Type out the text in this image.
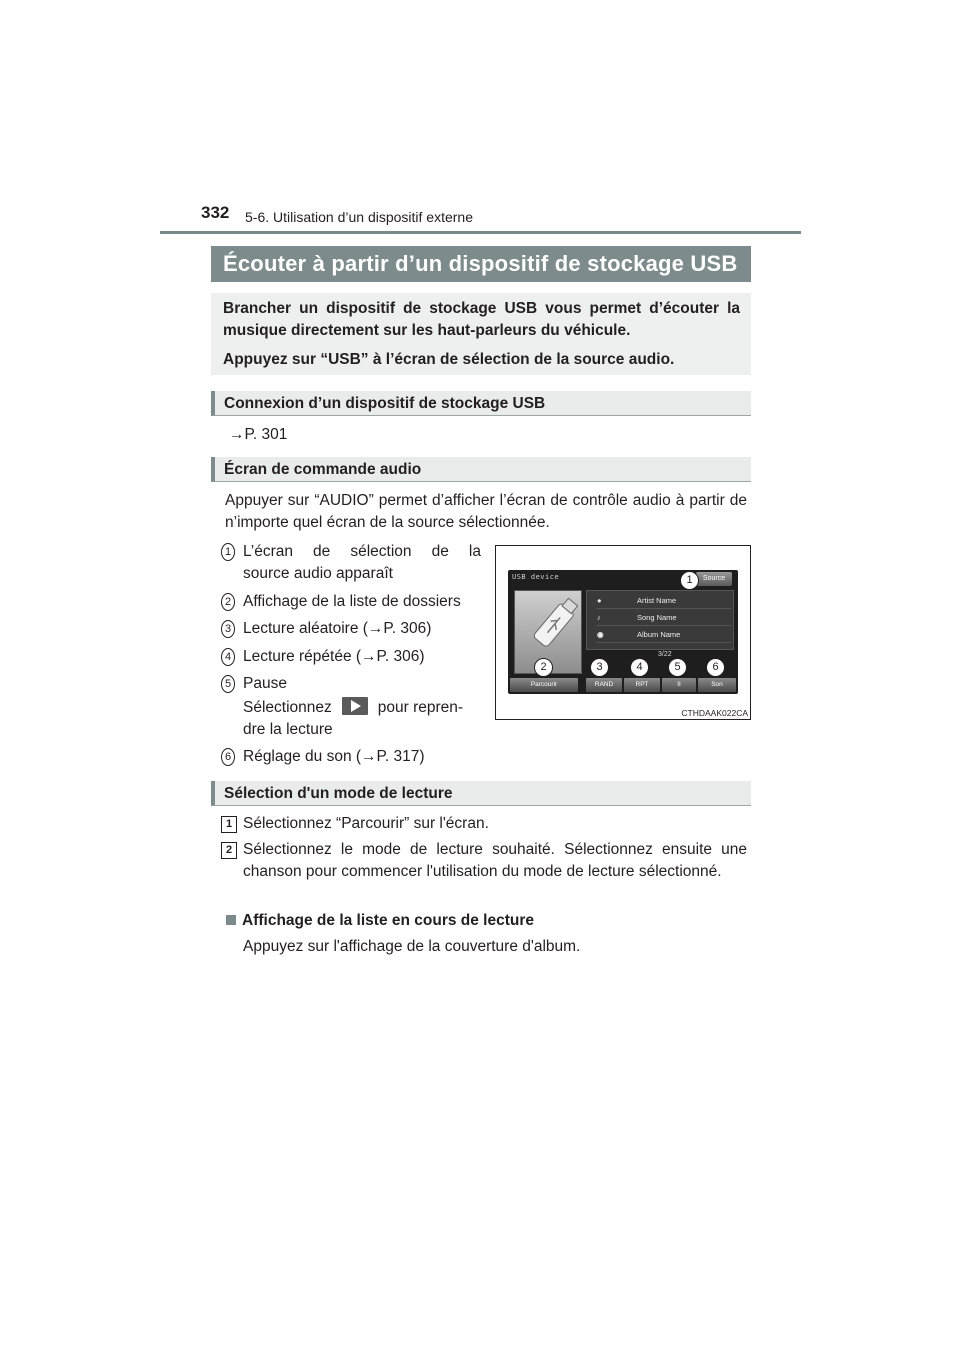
332 5-6. Utilisation d’un dispositif externe
Écouter à partir d’un dispositif de stockage USB

Brancher un dispositif de stockage USB vous permet d’écouter la musique directement sur les haut-parleurs du véhicule.

Appuyez sur “USB” à l’écran de sélection de la source audio.

Connexion d’un dispositif de stockage USB
→P. 301
Écran de commande audio
Appuyer sur “AUDIO” permet d’afficher l’écran de contrôle audio à partir de n’importe quel écran de la source sélectionnée.
1 L’écran de sélection de la
source audio apparaît
2 Affichage de la liste de dossiers
3 Lecture aléatoire (→P. 306)
4 Lecture répétée (→P. 306)
5 Pause
Sélectionnez	pour repren-
dre la lecture
6 Réglage du son (→P. 317)
USB device	Source
●	Artist Name
♪	Song Name
◉	Album Name
3/22
Parcourir	RAND	RPT	II	Son
1
2	3	4	5	6
CTHDAAK022CA
Sélection d'un mode de lecture
1 Sélectionnez “Parcourir” sur l'écran.
2 Sélectionnez le mode de lecture souhaité. Sélectionnez ensuite une chanson pour commencer l'utilisation du mode de lecture sélectionné.
Affichage de la liste en cours de lecture
Appuyez sur l'affichage de la couverture d'album.
